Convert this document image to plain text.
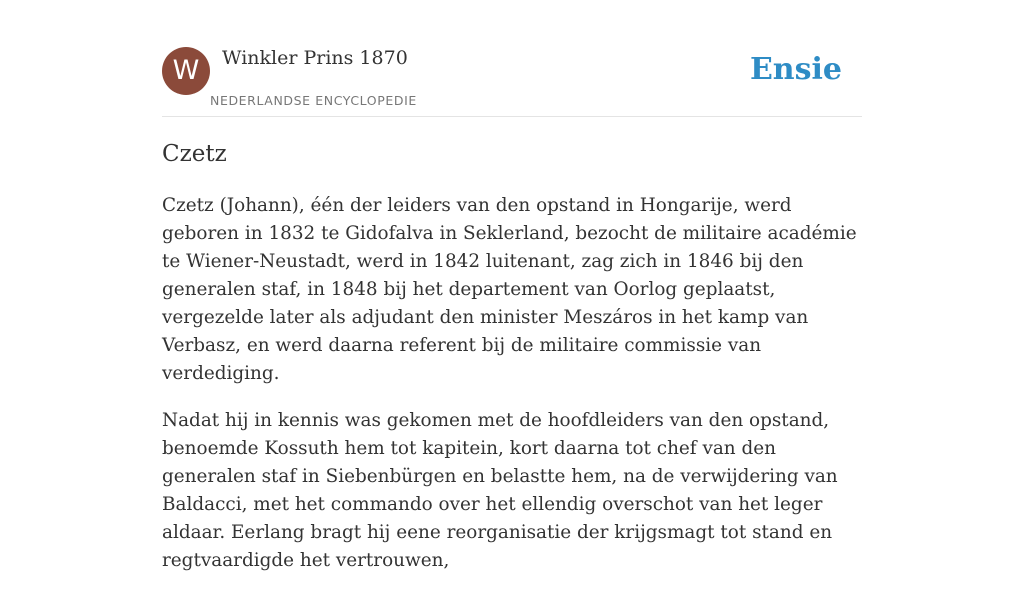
W	Winkler Prins 1870
NEDERLANDSE ENCYCLOPEDIE
Ensie
Czetz

Czetz (Johann), één der leiders van den opstand in Hongarije, werd geboren in 1832 te Gidofalva in Seklerland, bezocht de militaire académie te Wiener-Neustadt, werd in 1842 luitenant, zag zich in 1846 bij den generalen staf, in 1848 bij het departement van Oorlog geplaatst, vergezelde later als adjudant den minister Meszáros in het kamp van Verbasz, en werd daarna referent bij de militaire commissie van verdediging.

Nadat hij in kennis was gekomen met de hoofdleiders van den opstand, benoemde Kossuth hem tot kapitein, kort daarna tot chef van den generalen staf in Siebenbürgen en belastte hem, na de verwijdering van Baldacci, met het commando over het ellendig overschot van het leger aldaar. Eerlang bragt hij eene reorganisatie der krijgsmagt tot stand en regtvaardigde het vertrouwen,
